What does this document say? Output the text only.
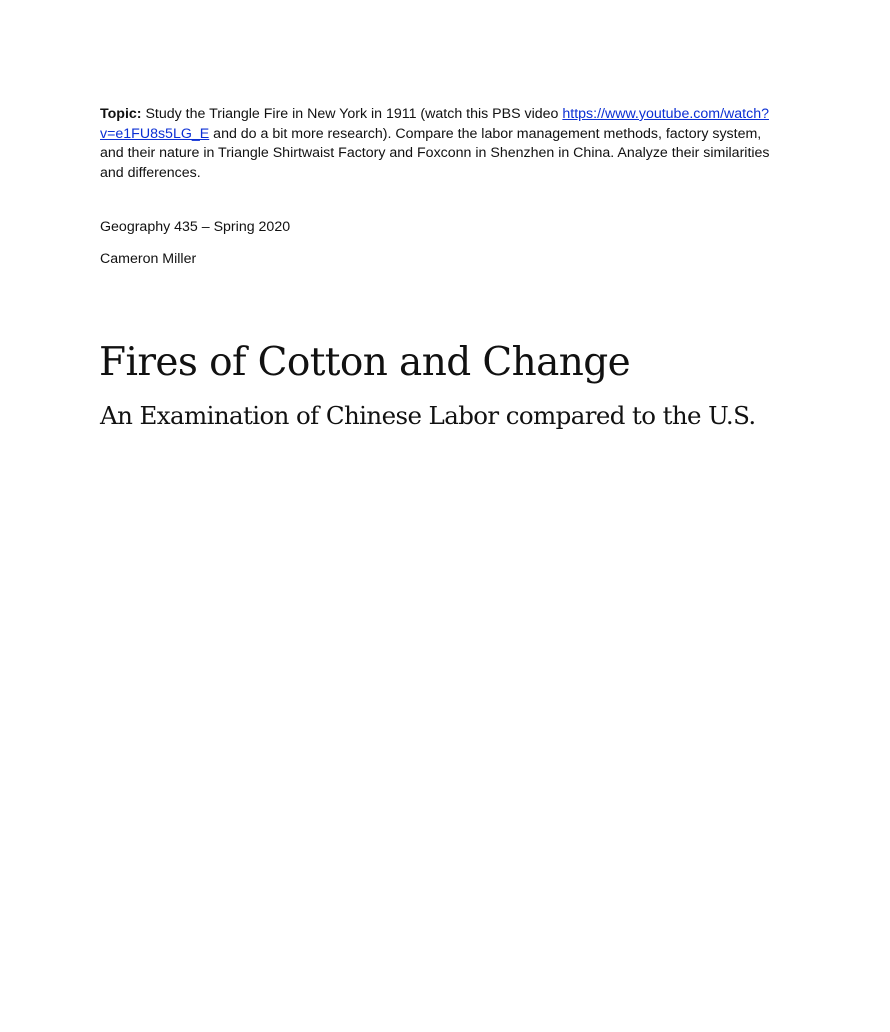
Topic: Study the Triangle Fire in New York in 1911 (watch this PBS video https://www.youtube.com/watch?v=e1FU8s5LG_E and do a bit more research). Compare the labor management methods, factory system, and their nature in Triangle Shirtwaist Factory and Foxconn in Shenzhen in China. Analyze their similarities and differences.

Geography 435 – Spring 2020
Cameron Miller
Fires of Cotton and Change
An Examination of Chinese Labor compared to the U.S.
